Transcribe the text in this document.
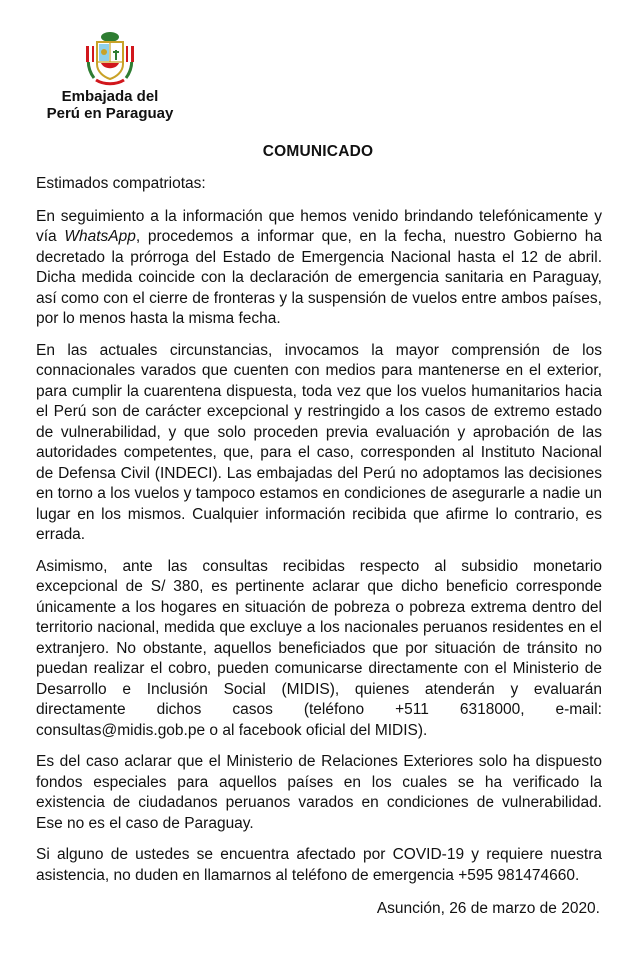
Embajada del
Perú en Paraguay
COMUNICADO

Estimados compatriotas:

En seguimiento a la información que hemos venido brindando telefónicamente y vía WhatsApp, procedemos a informar que, en la fecha, nuestro Gobierno ha decretado la prórroga del Estado de Emergencia Nacional hasta el 12 de abril. Dicha medida coincide con la declaración de emergencia sanitaria en Paraguay, así como con el cierre de fronteras y la suspensión de vuelos entre ambos países, por lo menos hasta la misma fecha.

En las actuales circunstancias, invocamos la mayor comprensión de los connacionales varados que cuenten con medios para mantenerse en el exterior, para cumplir la cuarentena dispuesta, toda vez que los vuelos humanitarios hacia el Perú son de carácter excepcional y restringido a los casos de extremo estado de vulnerabilidad, y que solo proceden previa evaluación y aprobación de las autoridades competentes, que, para el caso, corresponden al Instituto Nacional de Defensa Civil (INDECI). Las embajadas del Perú no adoptamos las decisiones en torno a los vuelos y tampoco estamos en condiciones de asegurarle a nadie un lugar en los mismos. Cualquier información recibida que afirme lo contrario, es errada.

Asimismo, ante las consultas recibidas respecto al subsidio monetario excepcional de S/ 380, es pertinente aclarar que dicho beneficio corresponde únicamente a los hogares en situación de pobreza o pobreza extrema dentro del territorio nacional, medida que excluye a los nacionales peruanos residentes en el extranjero. No obstante, aquellos beneficiados que por situación de tránsito no puedan realizar el cobro, pueden comunicarse directamente con el Ministerio de Desarrollo e Inclusión Social (MIDIS), quienes atenderán y evaluarán directamente dichos casos (teléfono +511 6318000, e-mail: consultas@midis.gob.pe o al facebook oficial del MIDIS).

Es del caso aclarar que el Ministerio de Relaciones Exteriores solo ha dispuesto fondos especiales para aquellos países en los cuales se ha verificado la existencia de ciudadanos peruanos varados en condiciones de vulnerabilidad. Ese no es el caso de Paraguay.

Si alguno de ustedes se encuentra afectado por COVID-19 y requiere nuestra asistencia, no duden en llamarnos al teléfono de emergencia +595 981474660.

Asunción, 26 de marzo de 2020.
